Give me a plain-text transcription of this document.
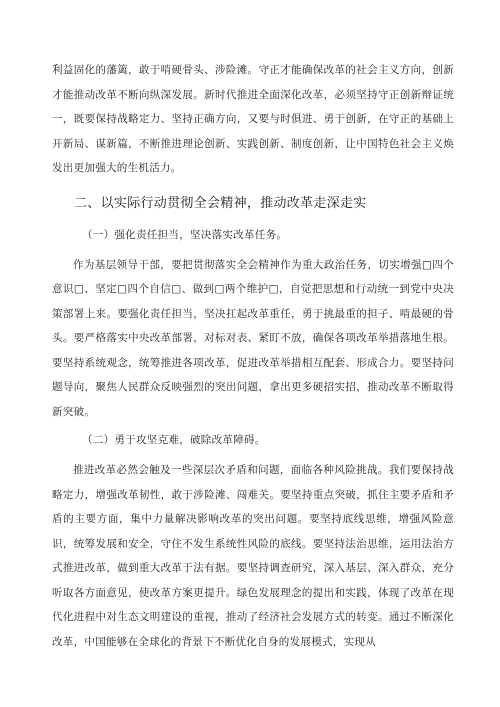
利益固化的藩篱，敢于啃硬骨头、涉险滩。守正才能确保改革的社会主义方向，创新才能推动改革不断向纵深发展。新时代推进全面深化改革，必须坚持守正创新辩证统一，既要保持战略定力、坚持正确方向，又要与时俱进、勇于创新，在守正的基础上开新局、谋新篇，不断推进理论创新、实践创新、制度创新，让中国特色社会主义焕发出更加强大的生机活力。

二、以实际行动贯彻全会精神，推动改革走深走实

（一）强化责任担当，坚决落实改革任务。

作为基层领导干部，要把贯彻落实全会精神作为重大政治任务，切实增强□四个意识□、坚定□四个自信□、做到□两个维护□，自觉把思想和行动统一到党中央决策部署上来。要强化责任担当，坚决扛起改革重任，勇于挑最重的担子、啃最硬的骨头。要严格落实中央改革部署，对标对表、紧盯不放，确保各项改革举措落地生根。要坚持系统观念，统筹推进各项改革，促进改革举措相互配套、形成合力。要坚持问题导向，聚焦人民群众反映强烈的突出问题，拿出更多硬招实招，推动改革不断取得新突破。

（二）勇于攻坚克难，破除改革障碍。

推进改革必然会触及一些深层次矛盾和问题，面临各种风险挑战。我们要保持战略定力，增强改革韧性，敢于涉险滩、闯难关。要坚持重点突破，抓住主要矛盾和矛盾的主要方面，集中力量解决影响改革的突出问题。要坚持底线思维，增强风险意识，统筹发展和安全，守住不发生系统性风险的底线。要坚持法治思维，运用法治方式推进改革，做到重大改革于法有据。要坚持调查研究，深入基层、深入群众，充分听取各方面意见，使改革方案更提升。绿色发展理念的提出和实践，体现了改革在现代化进程中对生态文明建设的重视，推动了经济社会发展方式的转变。通过不断深化改革，中国能够在全球化的背景下不断优化自身的发展模式，实现从
